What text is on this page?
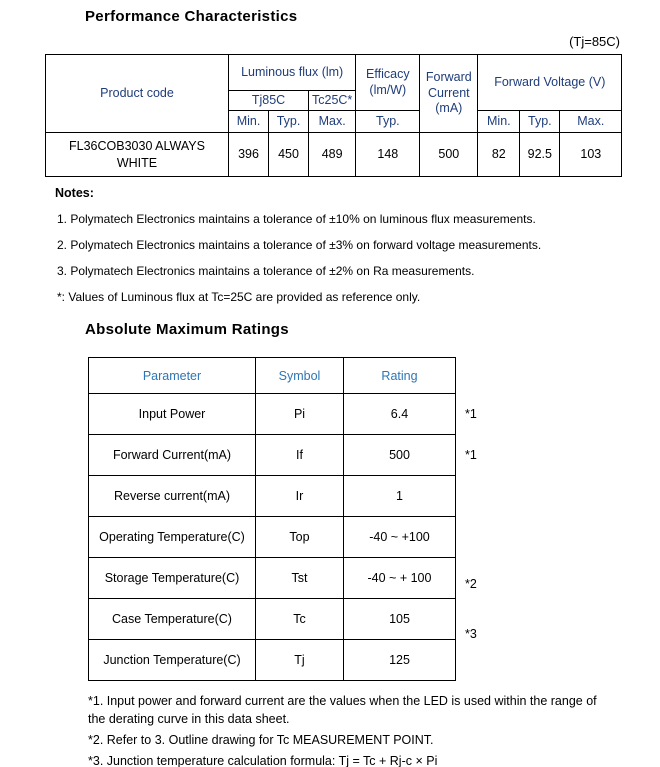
Performance Characteristics
(Tj=85C)
Product code	Luminous flux (lm)			Efficacy (lm/W)	Forward Current (mA)	Forward Voltage (V)		
	Tj85C		Tc25C*					
	Min.	Typ.	Max.	Typ.		Min.	Typ.	Max.
FL36COB3030 ALWAYS WHITE	396	450	489	148	500	82	92.5	103
Notes:
1. Polymatech Electronics maintains a tolerance of ±10% on luminous flux measurements.
2. Polymatech Electronics maintains a tolerance of ±3% on forward voltage measurements.
3. Polymatech Electronics maintains a tolerance of ±2% on Ra measurements.
*: Values of Luminous flux at Tc=25C are provided as reference only.
Absolute Maximum Ratings
Parameter	Symbol	Rating	
Input Power	Pi	6.4	*1
Forward Current(mA)	If	500	*1
Reverse current(mA)	Ir	1	
Operating Temperature(C)	Top	-40 ~ +100	
Storage Temperature(C)	Tst	-40 ~ + 100	*2
Case Temperature(C)	Tc	105	*3
Junction Temperature(C)	Tj	125	
*1. Input power and forward current are the values when the LED is used within the range of the derating curve in this data sheet.
*2. Refer to 3. Outline drawing for Tc MEASUREMENT POINT.
*3. Junction temperature calculation formula: Tj = Tc + Rj-c × Pi
